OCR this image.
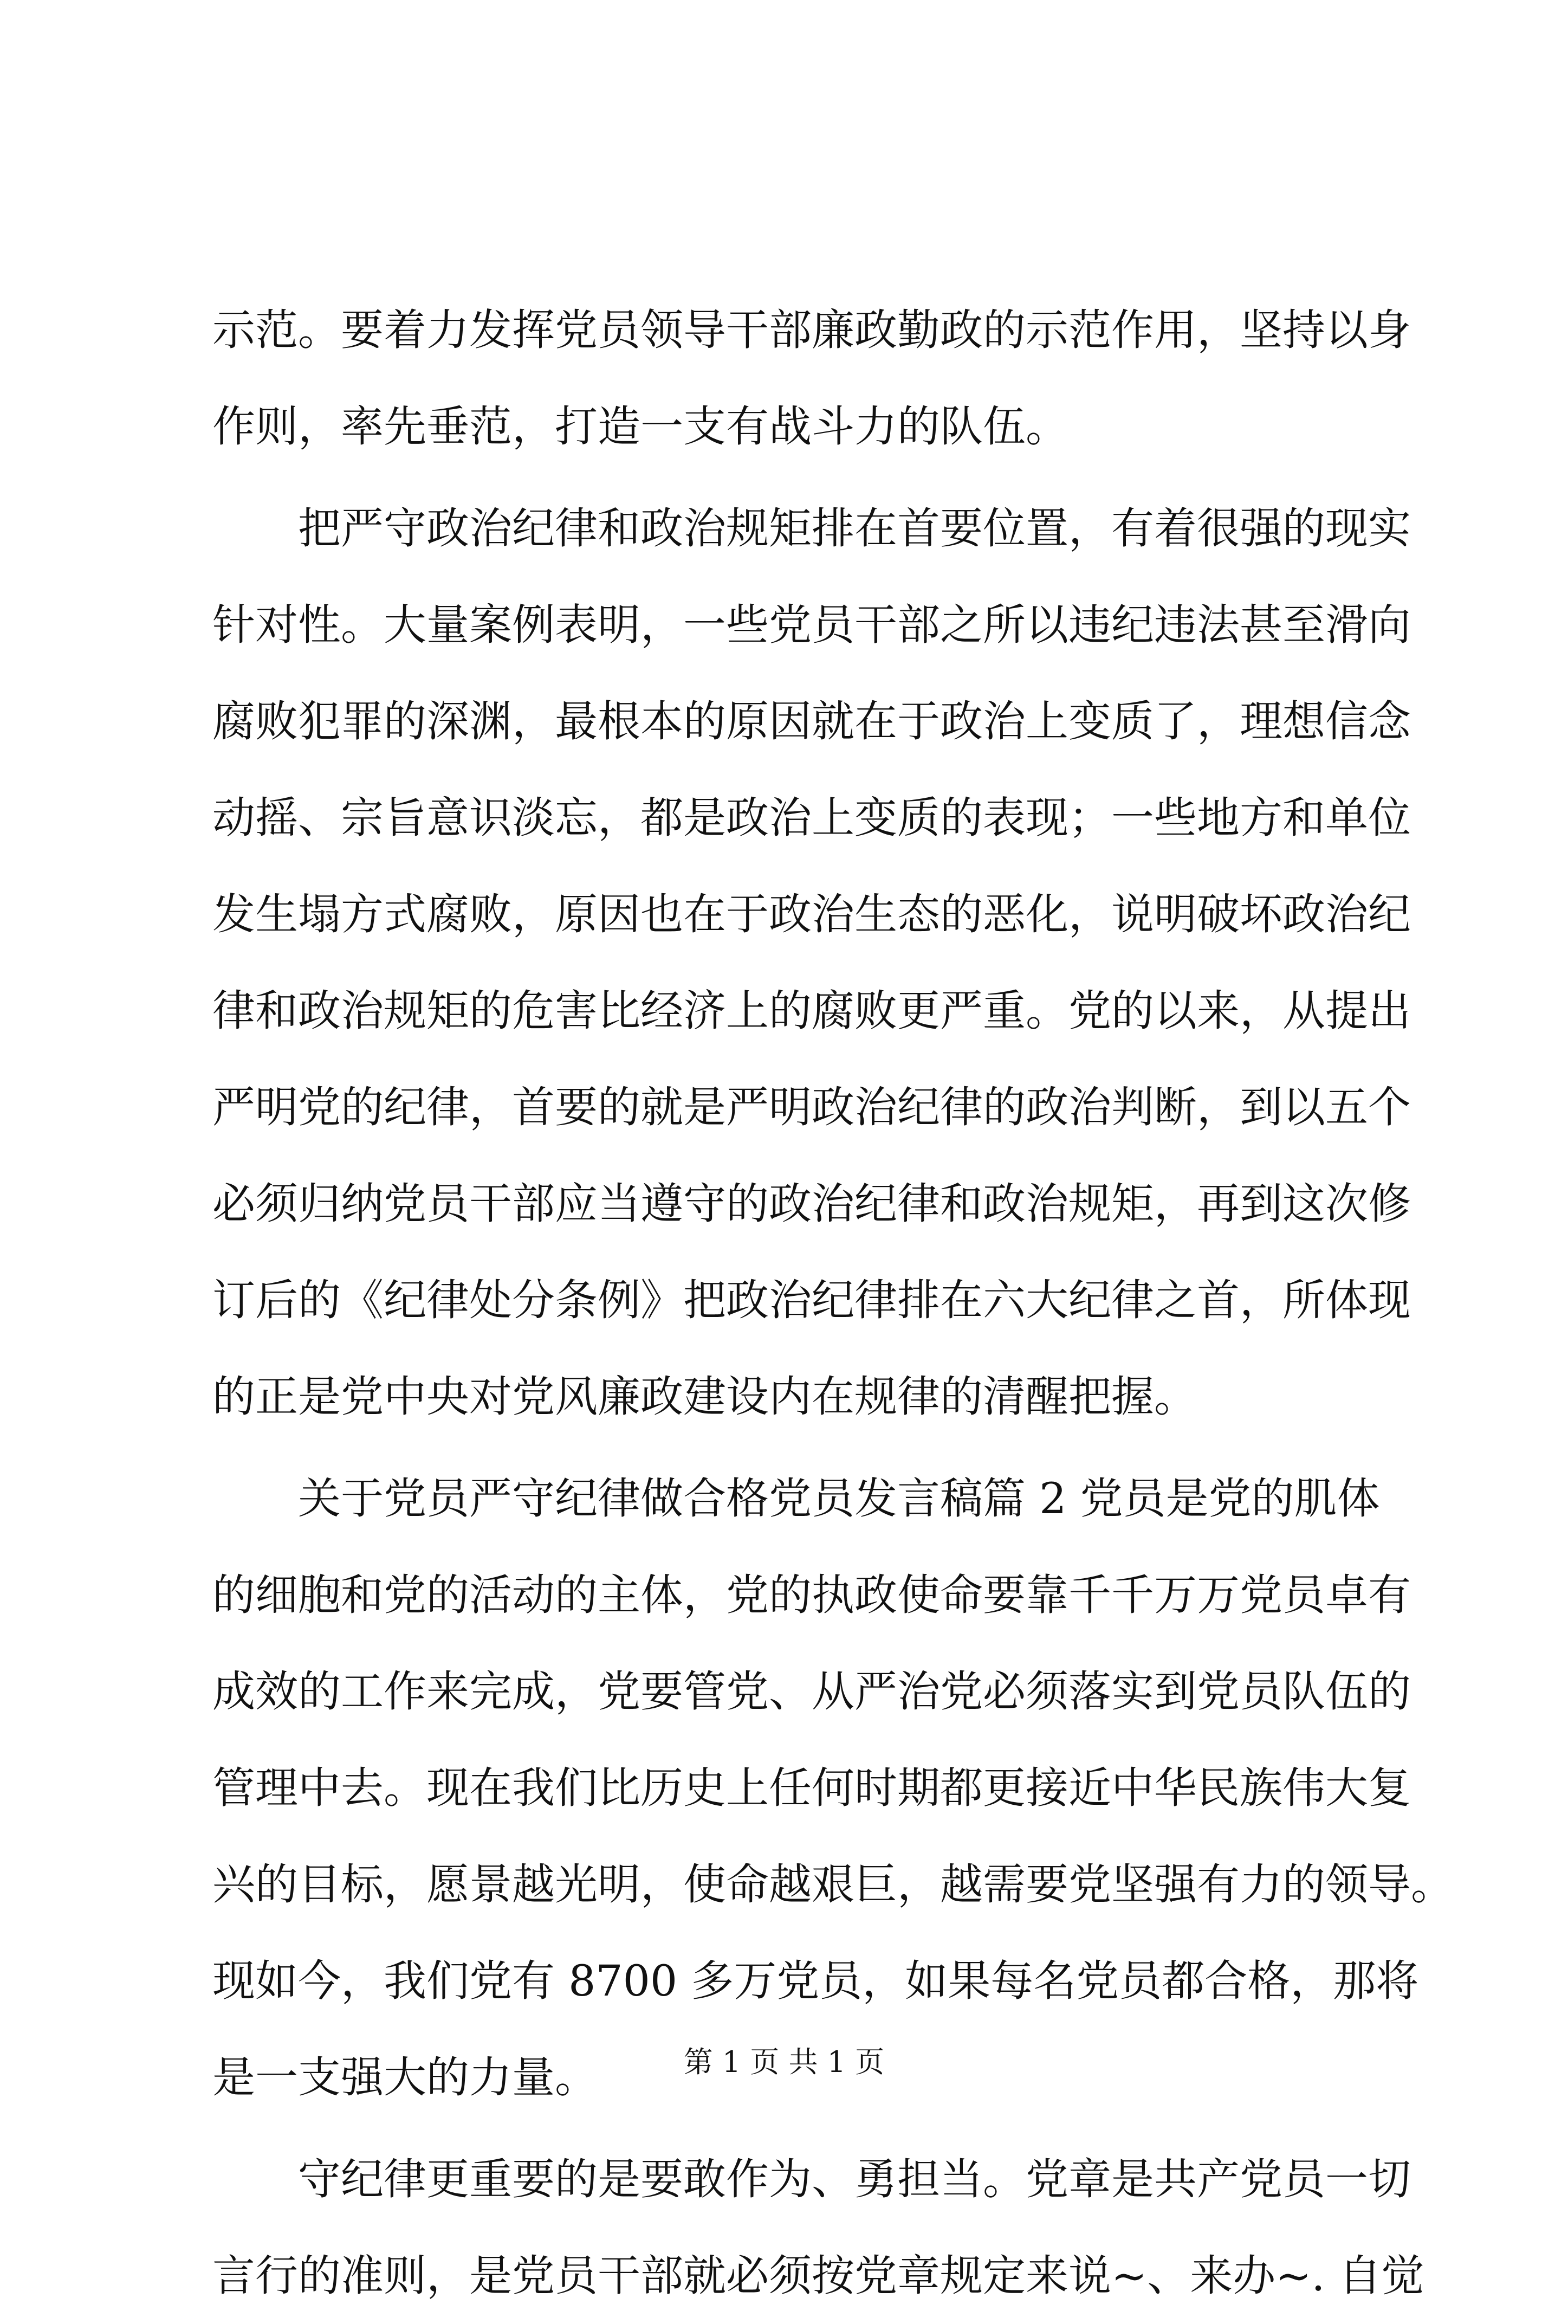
示范。要着力发挥党员领导干部廉政勤政的示范作用，坚持以身
作则，率先垂范，打造一支有战斗力的队伍。
　　把严守政治纪律和政治规矩排在首要位置，有着很强的现实
针对性。大量案例表明，一些党员干部之所以违纪违法甚至滑向
腐败犯罪的深渊，最根本的原因就在于政治上变质了，理想信念
动摇、宗旨意识淡忘，都是政治上变质的表现；一些地方和单位
发生塌方式腐败，原因也在于政治生态的恶化，说明破坏政治纪
律和政治规矩的危害比经济上的腐败更严重。党的以来，从提出
严明党的纪律，首要的就是严明政治纪律的政治判断，到以五个
必须归纳党员干部应当遵守的政治纪律和政治规矩，再到这次修
订后的《纪律处分条例》把政治纪律排在六大纪律之首，所体现
的正是党中央对党风廉政建设内在规律的清醒把握。
　　关于党员严守纪律做合格党员发言稿篇 2 党员是党的肌体
的细胞和党的活动的主体，党的执政使命要靠千千万万党员卓有
成效的工作来完成，党要管党、从严治党必须落实到党员队伍的
管理中去。现在我们比历史上任何时期都更接近中华民族伟大复
兴的目标，愿景越光明，使命越艰巨，越需要党坚强有力的领导。
现如今，我们党有 8700 多万党员，如果每名党员都合格，那将
是一支强大的力量。
　　守纪律更重要的是要敢作为、勇担当。党章是共产党员一切
言行的准则，是党员干部就必须按党章规定来说~、来办~. 自觉
第 1 页 共 1 页
